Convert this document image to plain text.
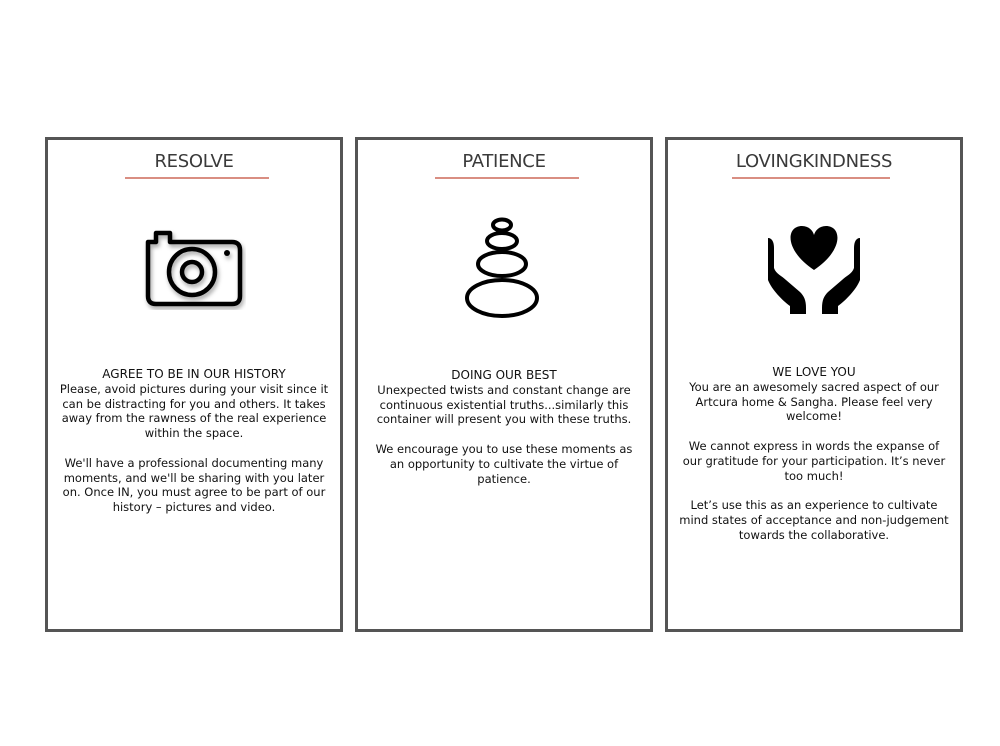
RESOLVE
AGREE TO BE IN OUR HISTORY

Please, avoid pictures during your visit since it can be distracting for you and others. It takes away from the rawness of the real experience within the space.

We'll have a professional documenting many moments, and we'll be sharing with you later on. Once IN, you must agree to be part of our history – pictures and video.

PATIENCE
DOING OUR BEST

Unexpected twists and constant change are continuous existential truths...similarly this container will present you with these truths.

We encourage you to use these moments as an opportunity to cultivate the virtue of patience.

LOVINGKINDNESS
WE LOVE YOU

You are an awesomely sacred aspect of our Artcura home & Sangha. Please feel very welcome!

We cannot express in words the expanse of our gratitude for your participation. It’s never too much!

Let’s use this as an experience to cultivate mind states of acceptance and non-judgement towards the collaborative.
